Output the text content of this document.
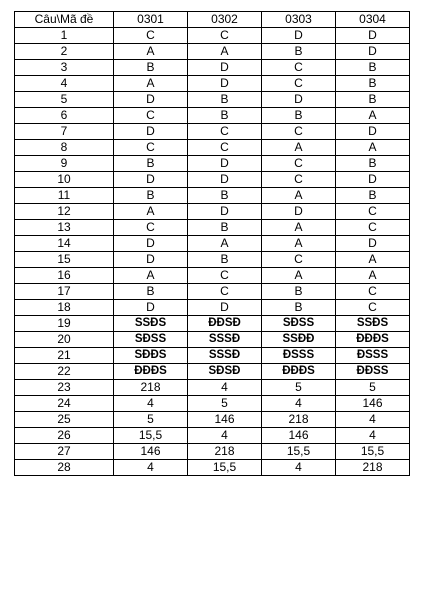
Câu\Mã đề	0301	0302	0303	0304
1	C	C	D	D
2	A	A	B	D
3	B	D	C	B
4	A	D	C	B
5	D	B	D	B
6	C	B	B	A
7	D	C	C	D
8	C	C	A	A
9	B	D	C	B
10	D	D	C	D
11	B	B	A	B
12	A	D	D	C
13	C	B	A	C
14	D	A	A	D
15	D	B	C	A
16	A	C	A	A
17	B	C	B	C
18	D	D	B	C
19	SSĐS	ĐĐSĐ	SĐSS	SSĐS
20	SĐSS	SSSĐ	SSĐĐ	ĐĐĐS
21	SĐĐS	SSSĐ	ĐSSS	ĐSSS
22	ĐĐĐS	SĐSĐ	ĐĐĐS	ĐĐSS
23	218	4	5	5
24	4	5	4	146
25	5	146	218	4
26	15,5	4	146	4
27	146	218	15,5	15,5
28	4	15,5	4	218
